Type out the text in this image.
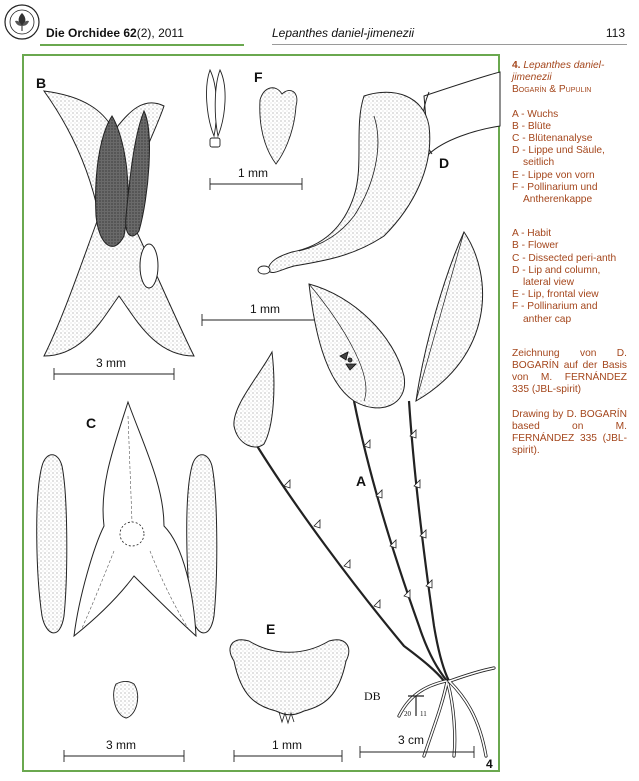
Die Orchidee 62(2), 2011	Lepanthes daniel-jimenezii	113
B
3 mm
F
1 mm
D
1 mm
A
3 cm
C
3 mm
E
1 mm
DB
20 11
4
4. Lepanthes daniel-jimenezii
Bogarín & Pupulin
A - Wuchs
B - Blüte
C - Blütenanalyse
D - Lippe und Säule, seitlich
E - Lippe von vorn
F - Pollinarium und Antherenkappe
A - Habit
B - Flower
C - Dissected peri-anth
D - Lip and column, lateral view
E - Lip, frontal view
F - Pollinarium and anther cap

Zeichnung von D. BOGARÍN auf der Basis von M. FERNÁNDEZ 335 (JBL-spirit)

Drawing by D. BOGARÍN based on M. FERNÁNDEZ 335 (JBL-spirit).
